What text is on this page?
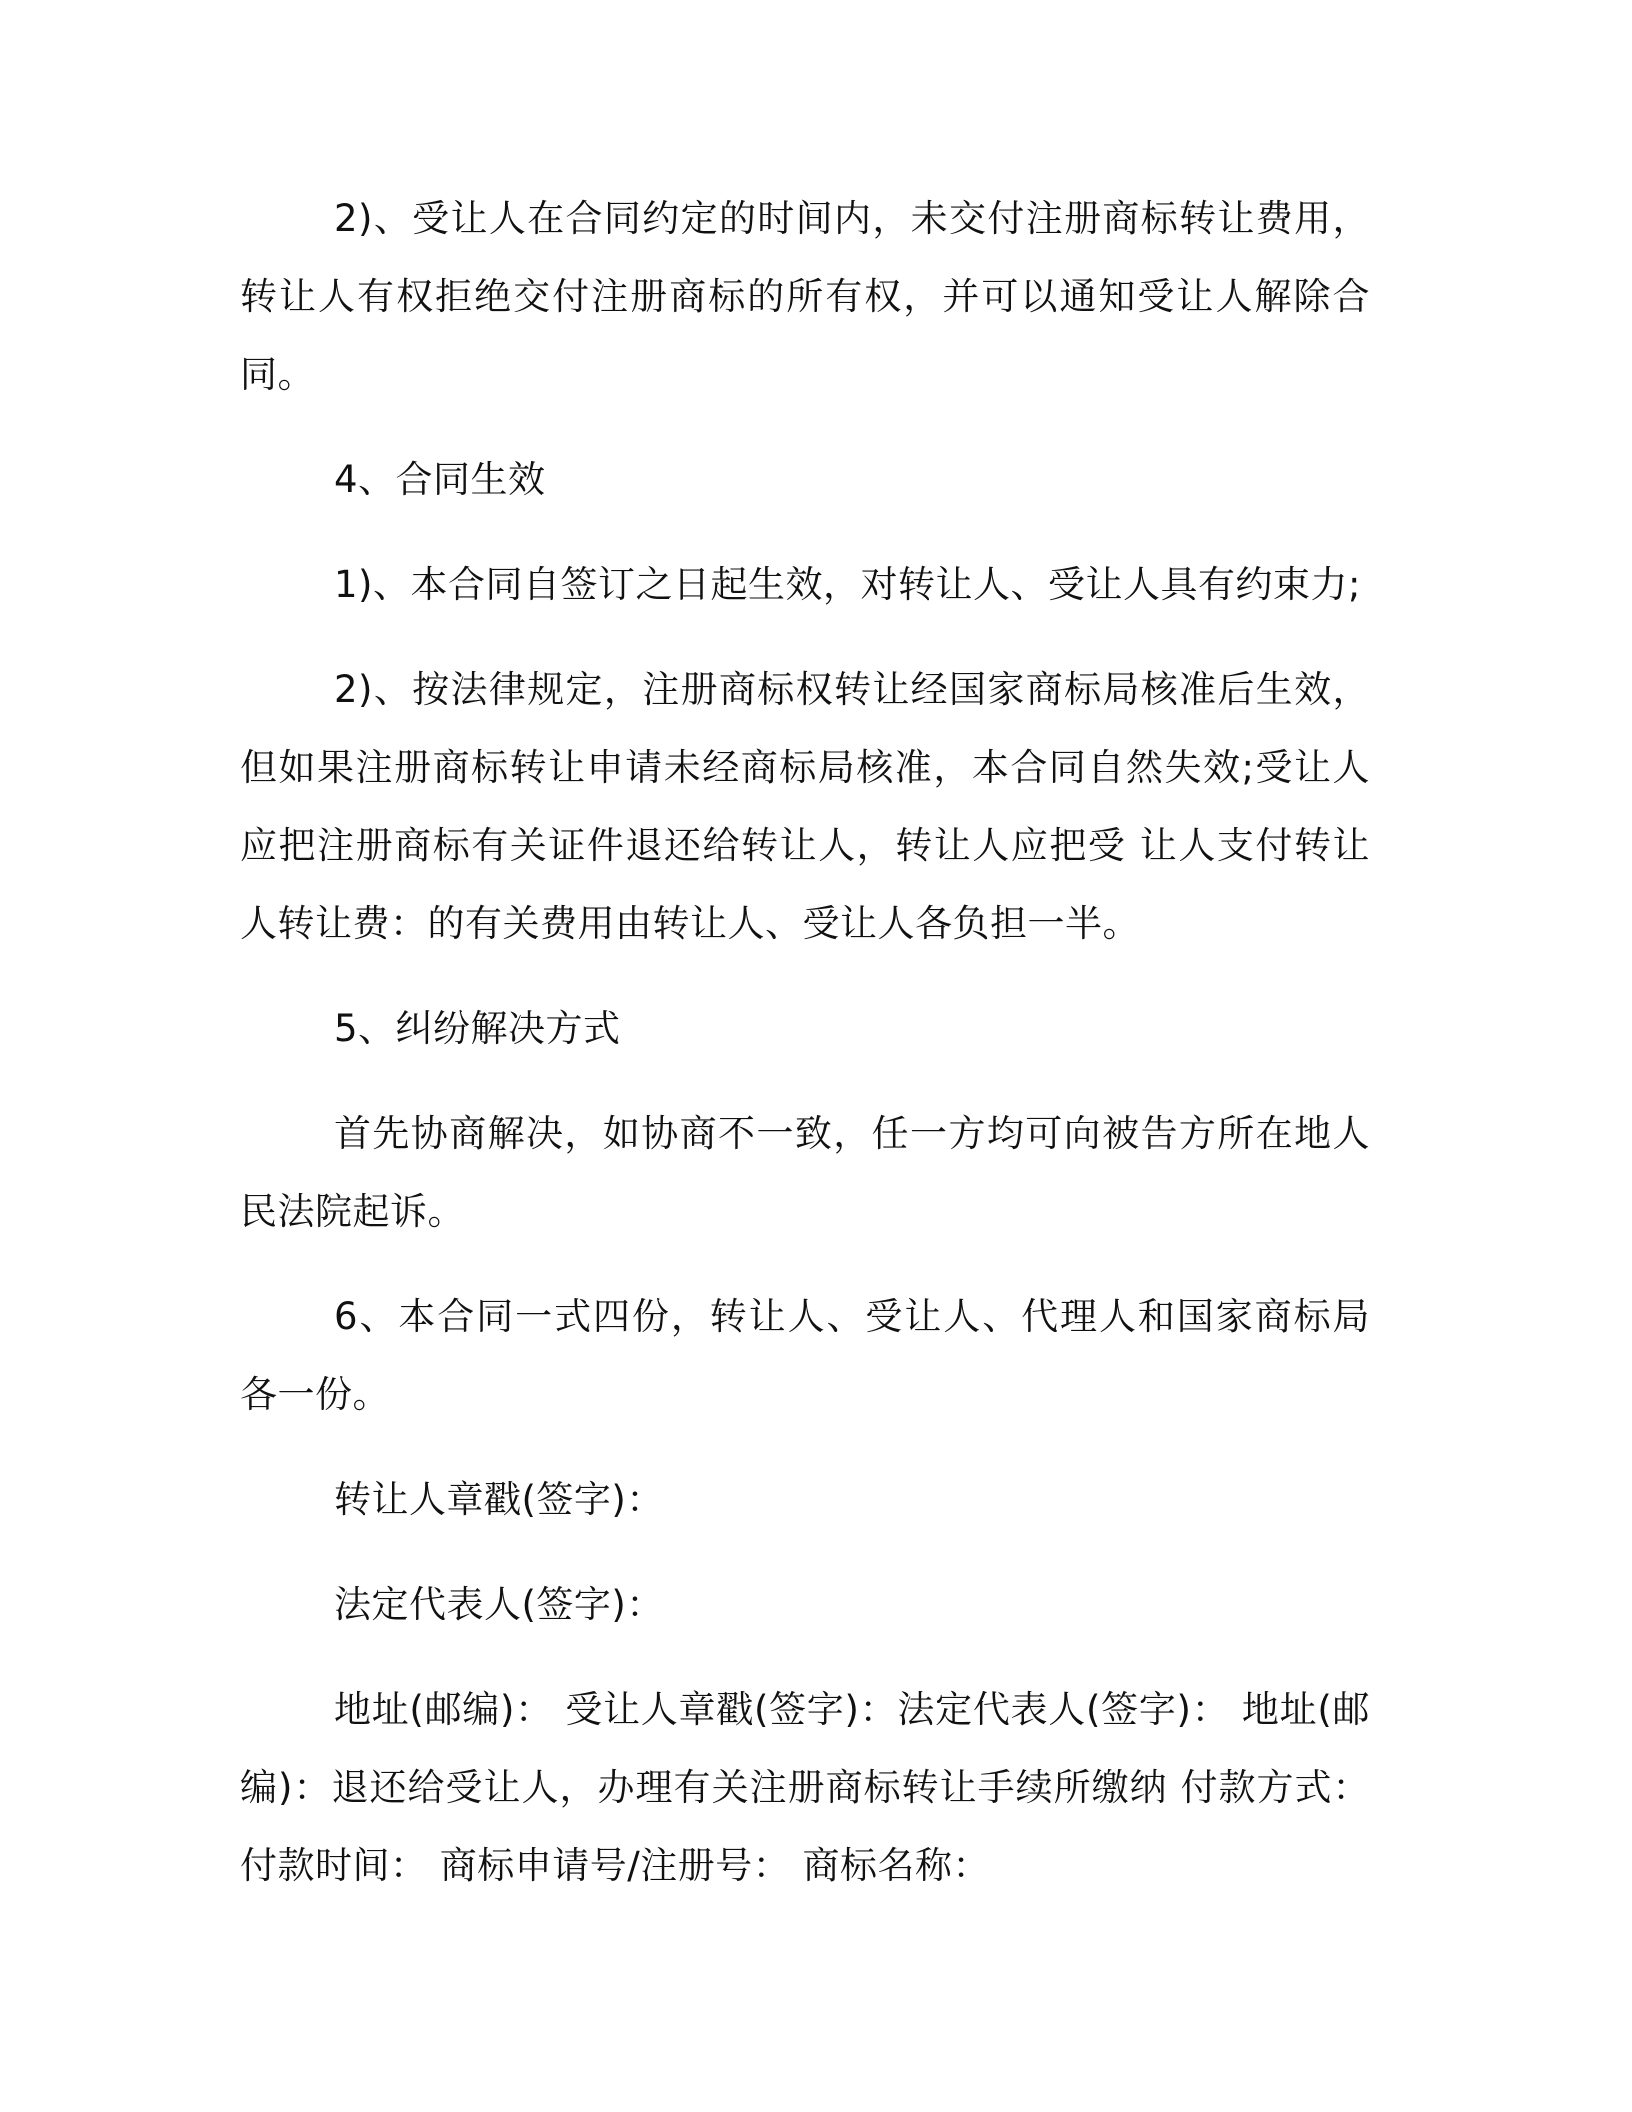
2)、受让人在合同约定的时间内，未交付注册商标转让费用，转让人有权拒绝交付注册商标的所有权，并可以通知受让人解除合同。

4、合同生效

1)、本合同自签订之日起生效，对转让人、受让人具有约束力;

2)、按法律规定，注册商标权转让经国家商标局核准后生效，但如果注册商标转让申请未经商标局核准，本合同自然失效;受让人应把注册商标有关证件退还给转让人，转让人应把受 让人支付转让人转让费：的有关费用由转让人、受让人各负担一半。

5、纠纷解决方式

首先协商解决，如协商不一致，任一方均可向被告方所在地人民法院起诉。

6、本合同一式四份，转让人、受让人、代理人和国家商标局各一份。

转让人章戳(签字)：

法定代表人(签字)：

地址(邮编)： 受让人章戳(签字)：法定代表人(签字)： 地址(邮编)：退还给受让人，办理有关注册商标转让手续所缴纳 付款方式： 付款时间： 商标申请号/注册号： 商标名称：
